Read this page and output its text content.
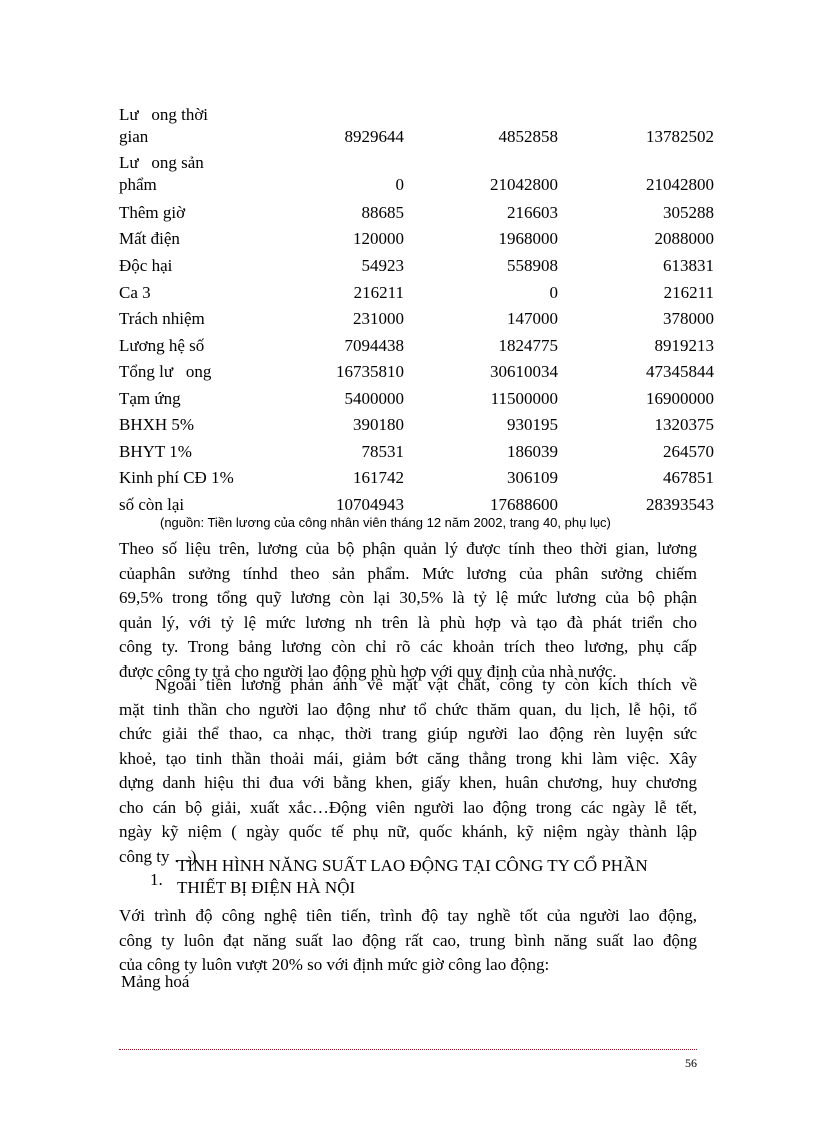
Lư   ong thời
gian	8929644	4852858	13782502
Lư   ong sản
phẩm	0	21042800	21042800
Thêm giờ	88685	216603	305288
Mất điện	120000	1968000	2088000
Độc hại	54923	558908	613831
Ca 3	216211	0	216211
Trách nhiệm	231000	147000	378000
Lương hệ số	7094438	1824775	8919213
Tổng lư   ong	16735810	30610034	47345844
Tạm ứng	5400000	11500000	16900000
BHXH 5%	390180	930195	1320375
BHYT 1%	78531	186039	264570
Kinh phí CĐ 1%	161742	306109	467851
số còn lại	10704943	17688600	28393543
(nguồn: Tiền lương của công nhân viên tháng 12 năm 2002, trang 40, phụ lục)

Theo số liệu trên, lương của bộ phận quản lý được tính theo thời gian, lương
củaphân sưởng tínhd theo sản phẩm. Mức lương của phân sưởng chiếm
69,5% trong tổng quỹ lương còn lại 30,5% là tỷ lệ mức lương của bộ phận
quản lý, với tỷ lệ mức lương nh trên là phù hợp và tạo đà phát triển cho
công ty. Trong bảng lương còn chỉ rõ các khoản trích theo lương, phụ cấp
được công ty trả cho người lao động phù hợp với quy định của nhà nước.

Ngoài tiền lương phản ánh về mặt vật chất, công ty còn kích thích về
mặt tinh thần cho người lao động như tổ chức thăm quan, du lịch, lễ hội, tổ
chức giải thể thao, ca nhạc, thời trang giúp người lao động rèn luyện sức
khoẻ, tạo tinh thần thoải mái, giảm bớt căng thẳng trong khi làm việc. Xây
dựng danh hiệu thi đua với bằng khen, giấy khen, huân chương, huy chương
cho cán bộ giải, xuất xắc…Động viên người lao động trong các ngày lễ tết,
ngày kỹ niệm ( ngày quốc tế phụ nữ, quốc khánh, kỹ niệm ngày thành lập
công ty …)

1.
TÌNH HÌNH NĂNG SUẤT LAO ĐỘNG TẠI CÔNG TY CỔ PHẦN
THIẾT BỊ ĐIỆN HÀ NỘI

Với trình độ công nghệ tiên tiến, trình độ tay nghề tốt của người lao động,
công ty luôn đạt năng suất lao động rất cao, trung bình năng suất lao động
của công ty luôn vượt 20% so với định mức giờ công lao động:

Mảng hoá
56
